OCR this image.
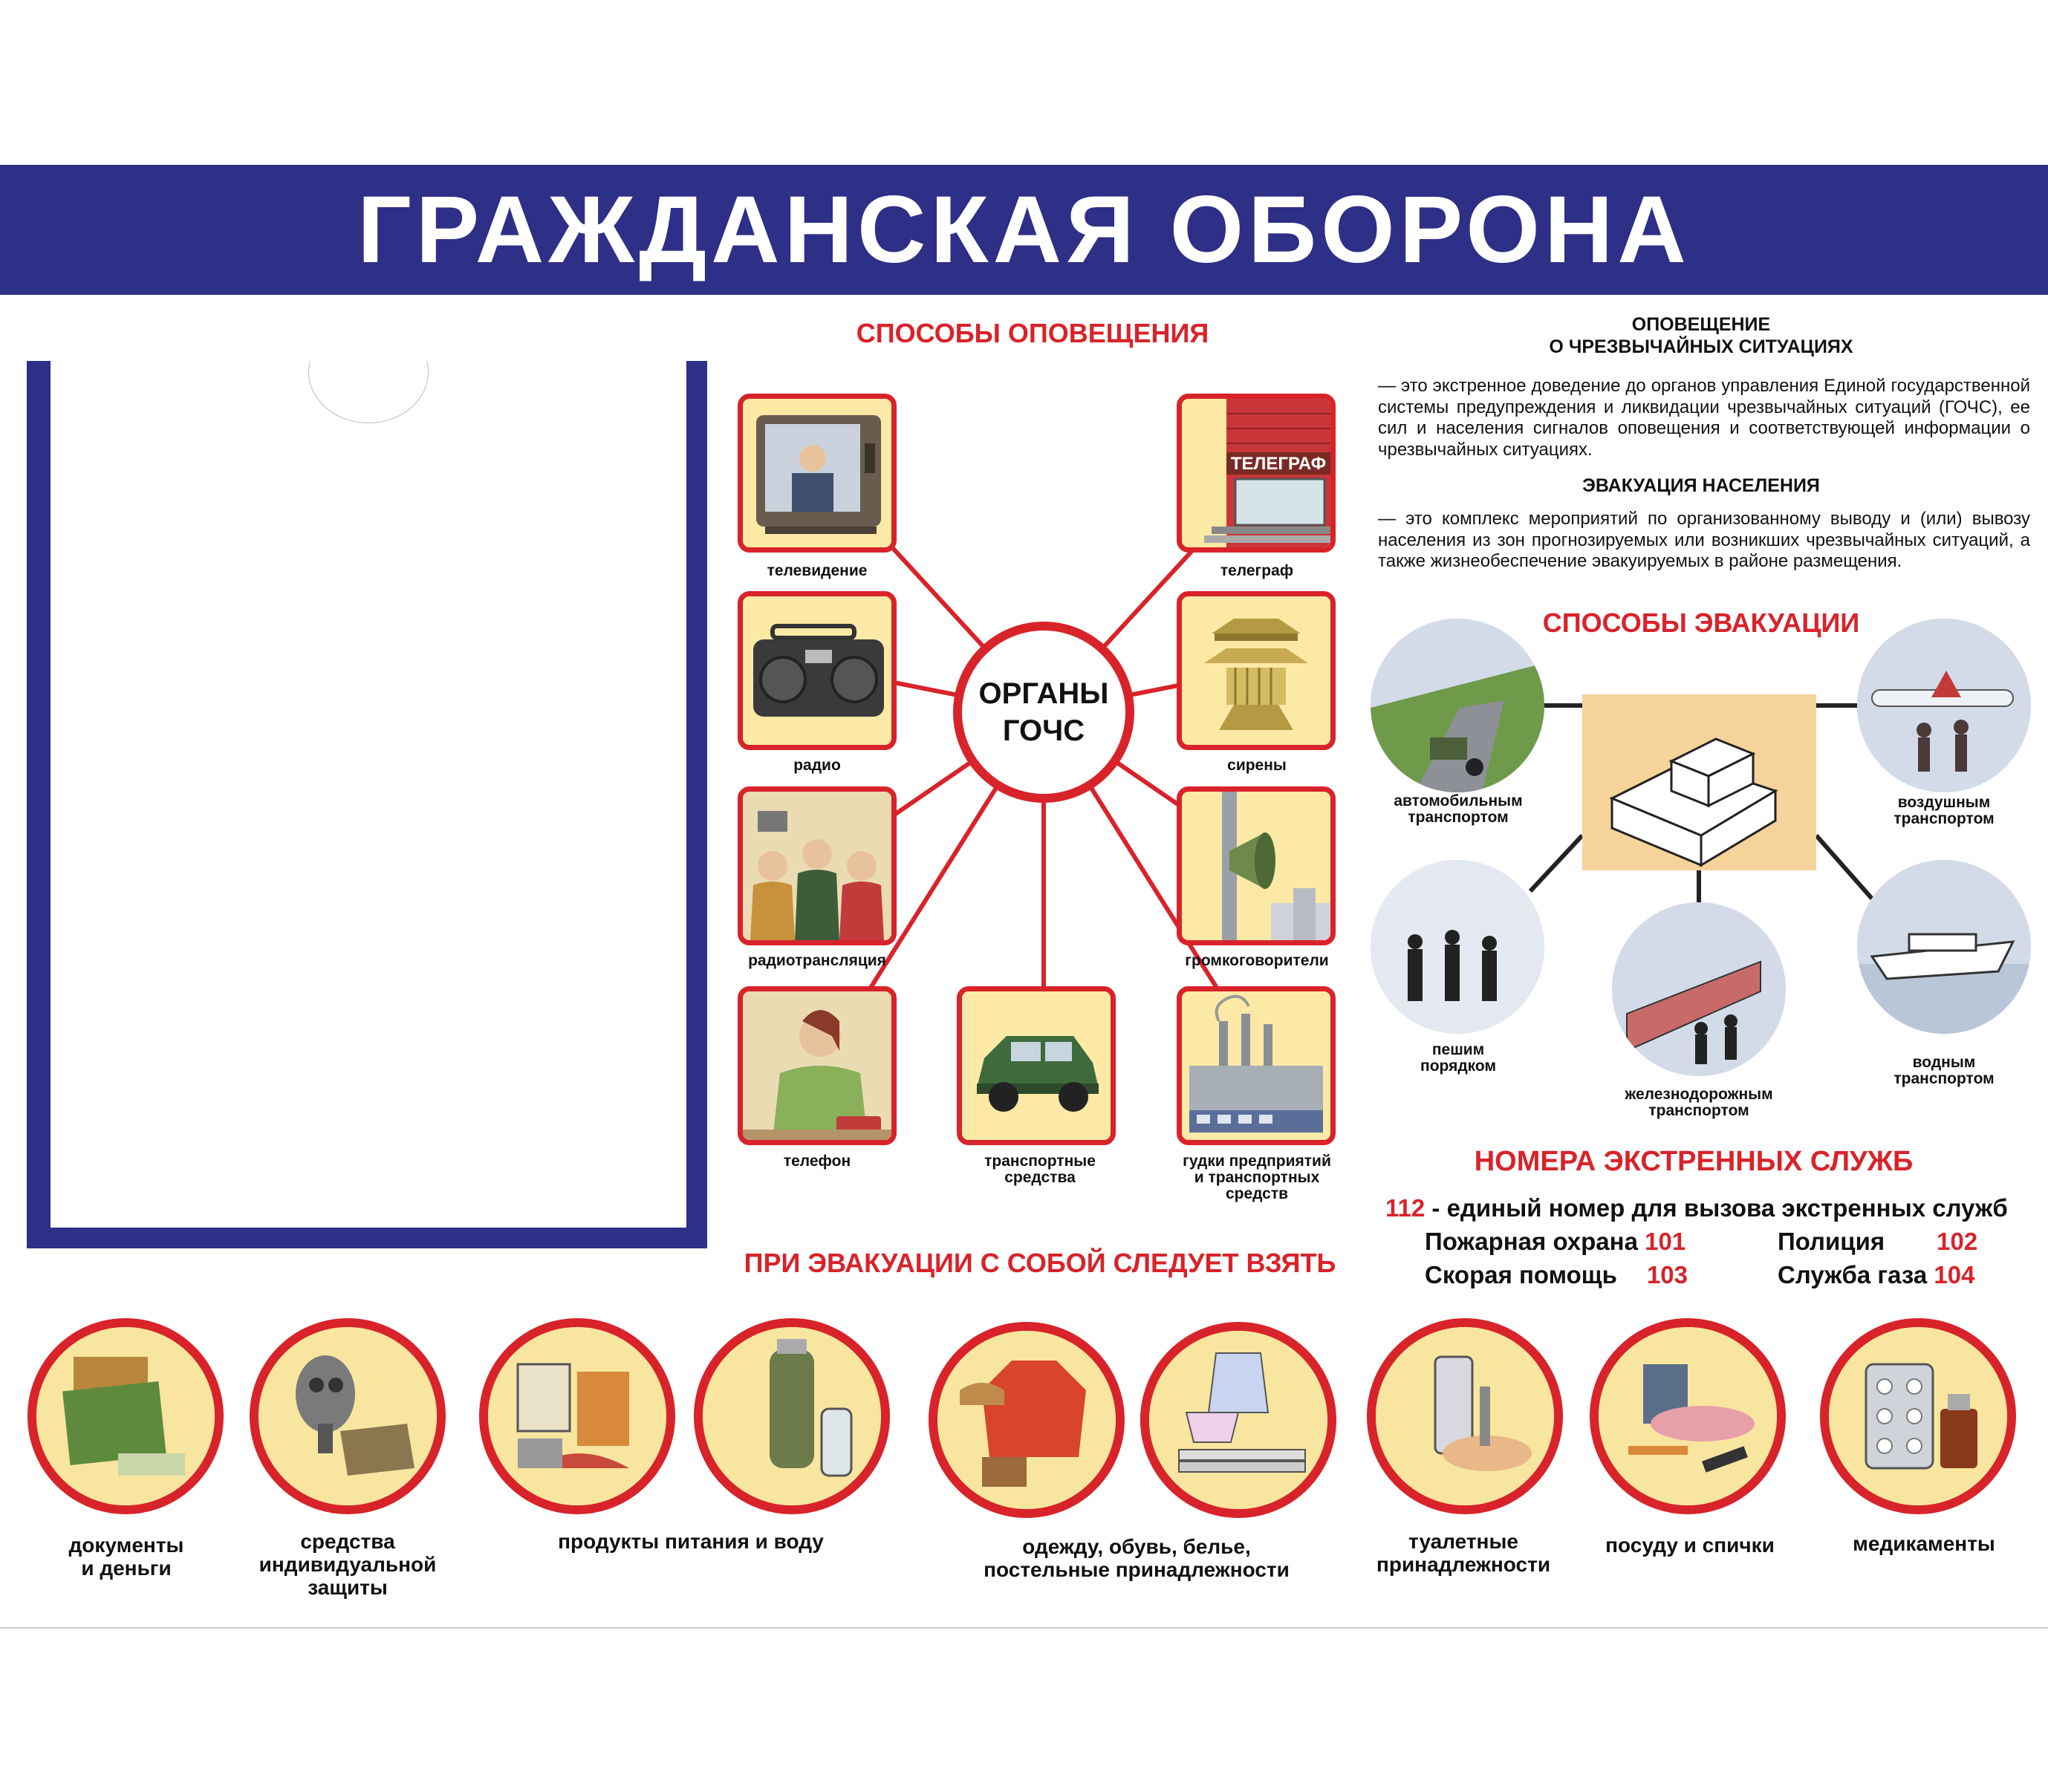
ГРАЖДАНСКАЯ ОБОРОНА
СПОСОБЫ ОПОВЕЩЕНИЯ
ОРГАНЫ
ГОЧС
телевидение
ТЕЛЕГРАФ
телеграф
радио	сирены
радиотрансляция	громкоговорители
телефон	транспортные
средства
гудки предприятий
и транспортных
средств
ОПОВЕЩЕНИЕ
О ЧРЕЗВЫЧАЙНЫХ СИТУАЦИЯХ
— это экстренное доведение до органов управления Единой государственной системы предупреждения и ликвидации чрезвычайных ситуаций (ГОЧС), ее сил и населения сигналов оповещения и соответствующей информации о чрезвычайных ситуациях.
ЭВАКУАЦИЯ НАСЕЛЕНИЯ
— это комплекс мероприятий по организованному выводу и (или) вывозу населения из зон прогнозируемых или возникших чрезвычайных ситуаций, а также жизнеобеспечение эвакуируемых в районе размещения.
СПОСОБЫ ЭВАКУАЦИИ
автомобильным
транспортом
воздушным
транспортом
пешим
порядком
железнодорожным
транспортом
водным
транспортом
НОМЕРА ЭКСТРЕННЫХ СЛУЖБ
112 - единый номер для вызова экстренных служб
Пожарная охрана 101	Полиция 102
Скорая помощь 103	Служба газа 104
ПРИ ЭВАКУАЦИИ С СОБОЙ СЛЕДУЕТ ВЗЯТЬ
документы
и деньги
средства
индивидуальной
защиты
продукты питания и воду	одежду, обувь, белье,
постельные принадлежности
туалетные
принадлежности
посуду и спички	медикаменты
